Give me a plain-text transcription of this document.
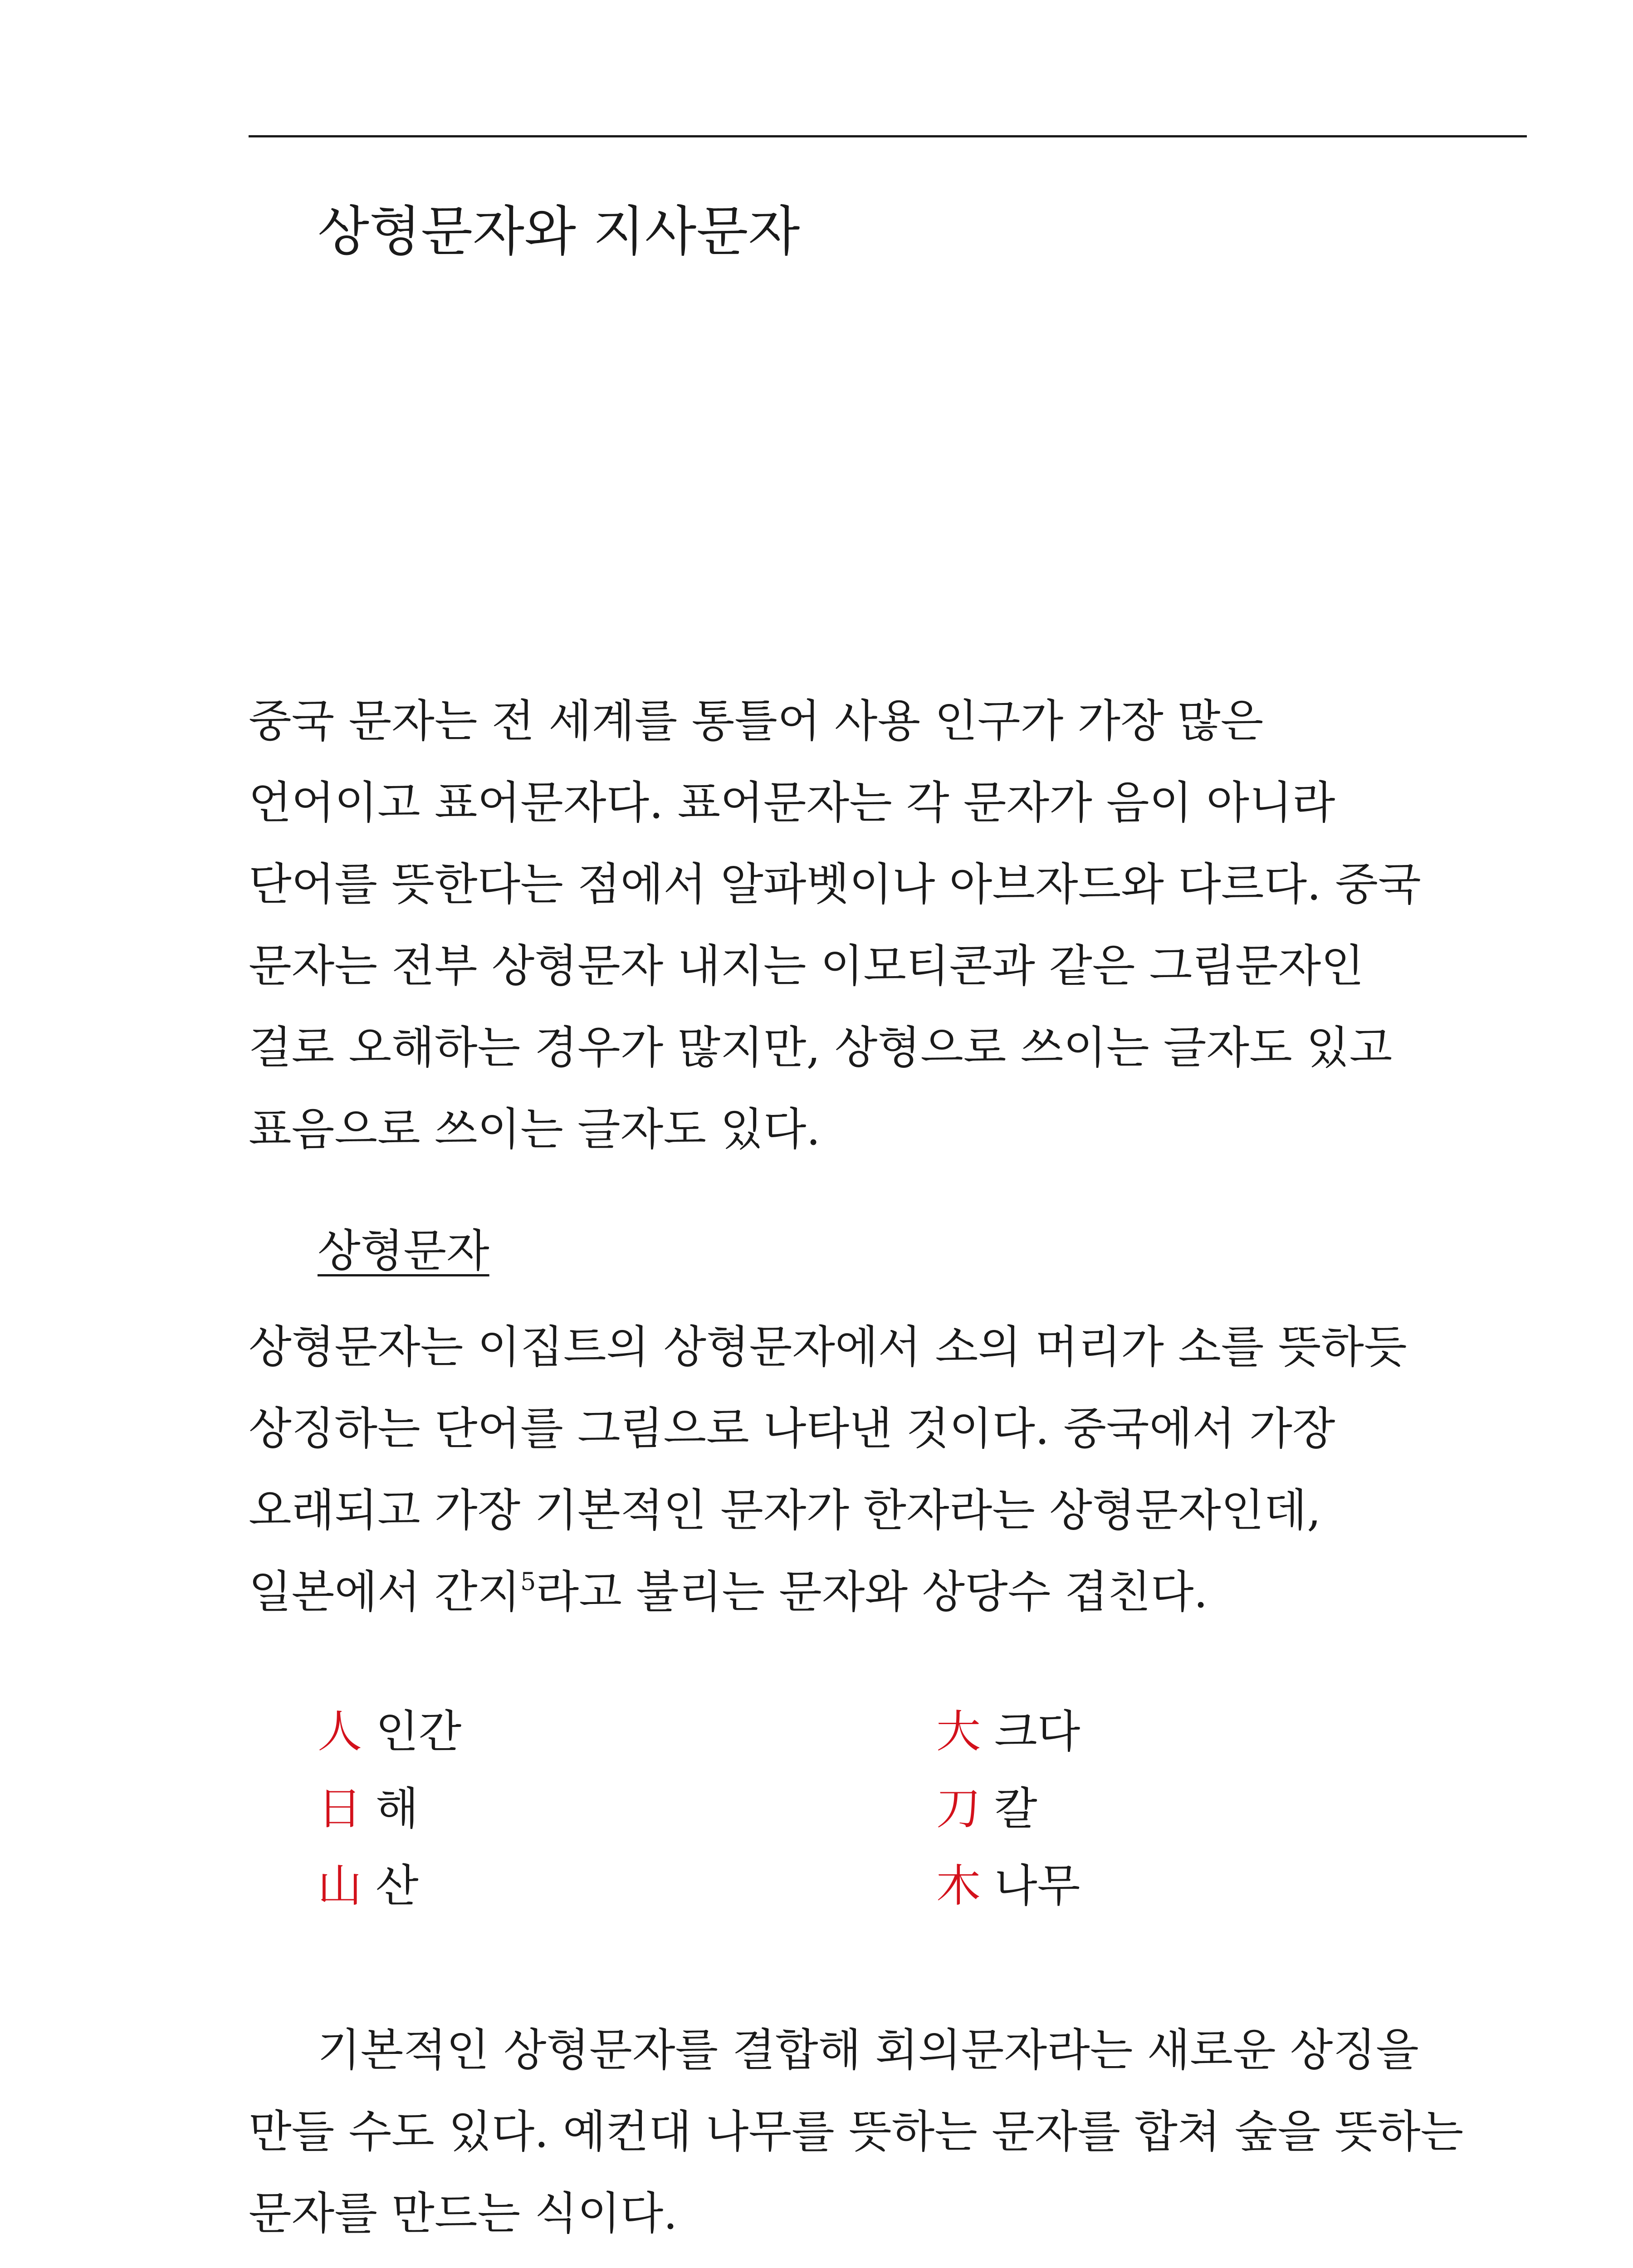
상형문자와 지사문자

중국 문자는 전 세계를 통틀어 사용 인구가 가장 많은
언어이고 표어문자다. 표어문자는 각 문자가 음이 아니라
단어를 뜻한다는 점에서 알파벳이나 아브자드와 다르다. 중국
문자는 전부 상형문자 내지는 이모티콘과 같은 그림문자인
걸로 오해하는 경우가 많지만, 상형으로 쓰이는 글자도 있고
표음으로 쓰이는 글자도 있다.

상형문자

상형문자는 이집트의 상형문자에서 소의 머리가 소를 뜻하듯
상징하는 단어를 그림으로 나타낸 것이다. 중국에서 가장
오래되고 가장 기본적인 문자가 한자라는 상형문자인데,
일본에서 간지$^5$라고 불리는 문자와 상당수 겹친다.

人 인간	大 크다
日 해	刀 칼
山 산	木 나무

기본적인 상형문자를 결합해 회의문자라는 새로운 상징을
만들 수도 있다. 예컨대 나무를 뜻하는 문자를 합쳐 숲을 뜻하는
문자를 만드는 식이다.
